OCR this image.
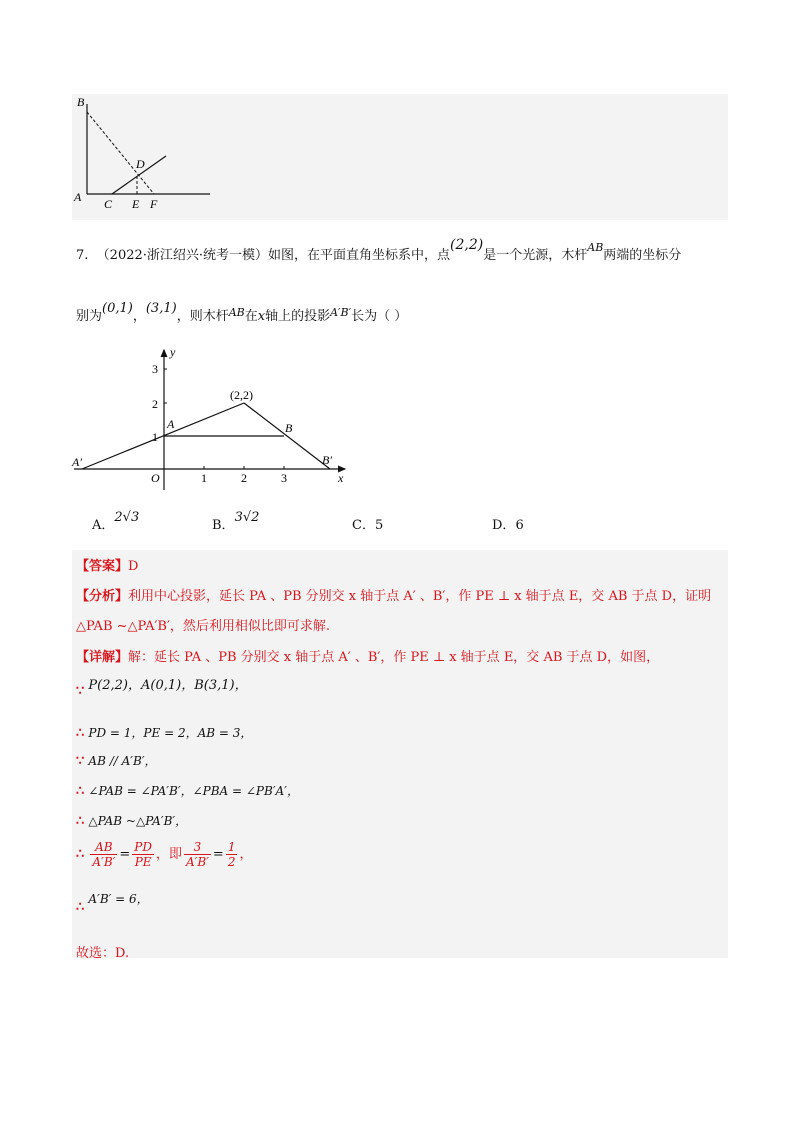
B
D
A C E F
7. （2022·浙江绍兴·统考一模）如图，在平面直角坐标系中，点(2,2)是一个光源，木杆$^{AB}$两端的坐标分
别为(0,1)，(3,1)，则木杆$^{AB}$在x轴上的投影$^{A'B'}$长为（ ）
y
x
O
1
2
3
1	2	3
(2,2)
A	B
A′	B′
A．2√3
B．3√2
C．5	D．6
【答案】D
【分析】利用中心投影，延长 PA 、PB 分别交 x 轴于点 A′ 、B′，作 PE ⊥ x 轴于点 E，交 AB 于点 D，证明
△PAB ~△PA′B′，然后利用相似比即可求解.
【详解】解：延长 PA 、PB 分别交 x 轴于点 A′ 、B′，作 PE ⊥ x 轴于点 E，交 AB 于点 D，如图，
∵ P(2,2)，A(0,1)，B(3,1)，
∴ PD = 1，PE = 2，AB = 3，
∵ AB // A′B′，
∴ ∠PAB = ∠PA′B′，∠PBA = ∠PB′A′，
∴ △PAB ~△PA′B′，
∴ $\frac{AB}{A'B'} = \frac{PD}{PE}$ ，即 $\frac{3}{A'B'} = \frac{1}{2}$ ，
∴ A′B′ = 6，
故选：D.
